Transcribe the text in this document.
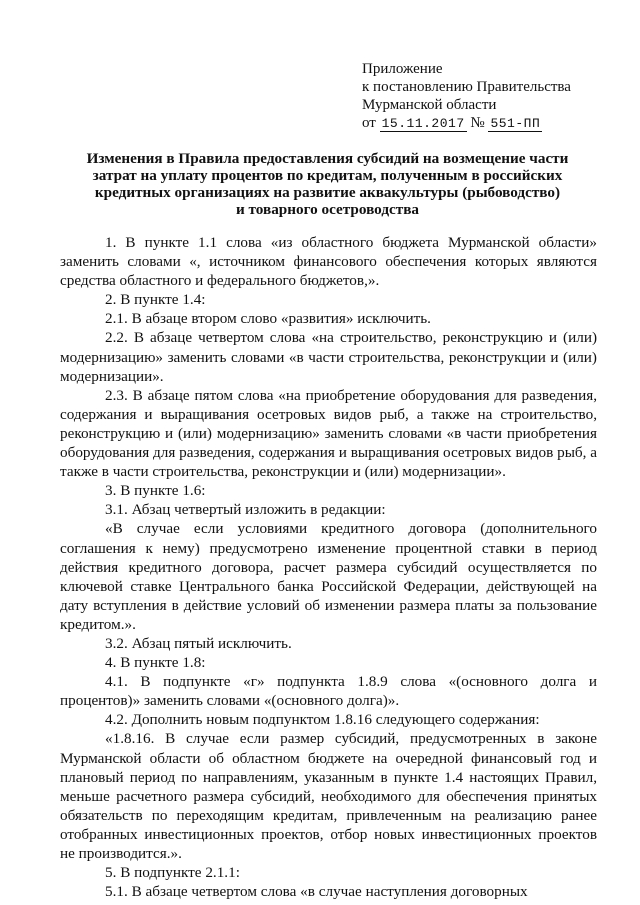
Приложение
к постановлению Правительства
Мурманской области
от 15.11.2017 № 551-ПП
Изменения в Правила предоставления субсидий на возмещение части
затрат на уплату процентов по кредитам, полученным в российских
кредитных организациях на развитие аквакультуры (рыбоводство)
и товарного осетроводства

1. В пункте 1.1 слова «из областного бюджета Мурманской области» заменить словами «, источником финансового обеспечения которых являются средства областного и федерального бюджетов,».

2. В пункте 1.4:

2.1. В абзаце втором слово «развития» исключить.

2.2. В абзаце четвертом слова «на строительство, реконструкцию и (или) модернизацию» заменить словами «в части строительства, реконструкции и (или) модернизации».

2.3. В абзаце пятом слова «на приобретение оборудования для разведения, содержания и выращивания осетровых видов рыб, а также на строительство, реконструкцию и (или) модернизацию» заменить словами «в части приобретения оборудования для разведения, содержания и выращивания осетровых видов рыб, а также в части строительства, реконструкции и (или) модернизации».

3. В пункте 1.6:

3.1. Абзац четвертый изложить в редакции:

«В случае если условиями кредитного договора (дополнительного соглашения к нему) предусмотрено изменение процентной ставки в период действия кредитного договора, расчет размера субсидий осуществляется по ключевой ставке Центрального банка Российской Федерации, действующей на дату вступления в действие условий об изменении размера платы за пользование кредитом.».

3.2. Абзац пятый исключить.

4. В пункте 1.8:

4.1. В подпункте «г» подпункта 1.8.9 слова «(основного долга и процентов)» заменить словами «(основного долга)».

4.2. Дополнить новым подпунктом 1.8.16 следующего содержания:

«1.8.16. В случае если размер субсидий, предусмотренных в законе Мурманской области об областном бюджете на очередной финансовый год и плановый период по направлениям, указанным в пункте 1.4 настоящих Правил, меньше расчетного размера субсидий, необходимого для обеспечения принятых обязательств по переходящим кредитам, привлеченным на реализацию ранее отобранных инвестиционных проектов, отбор новых инвестиционных проектов не производится.».

5. В подпункте 2.1.1:

5.1. В абзаце четвертом слова «в случае наступления договорных
